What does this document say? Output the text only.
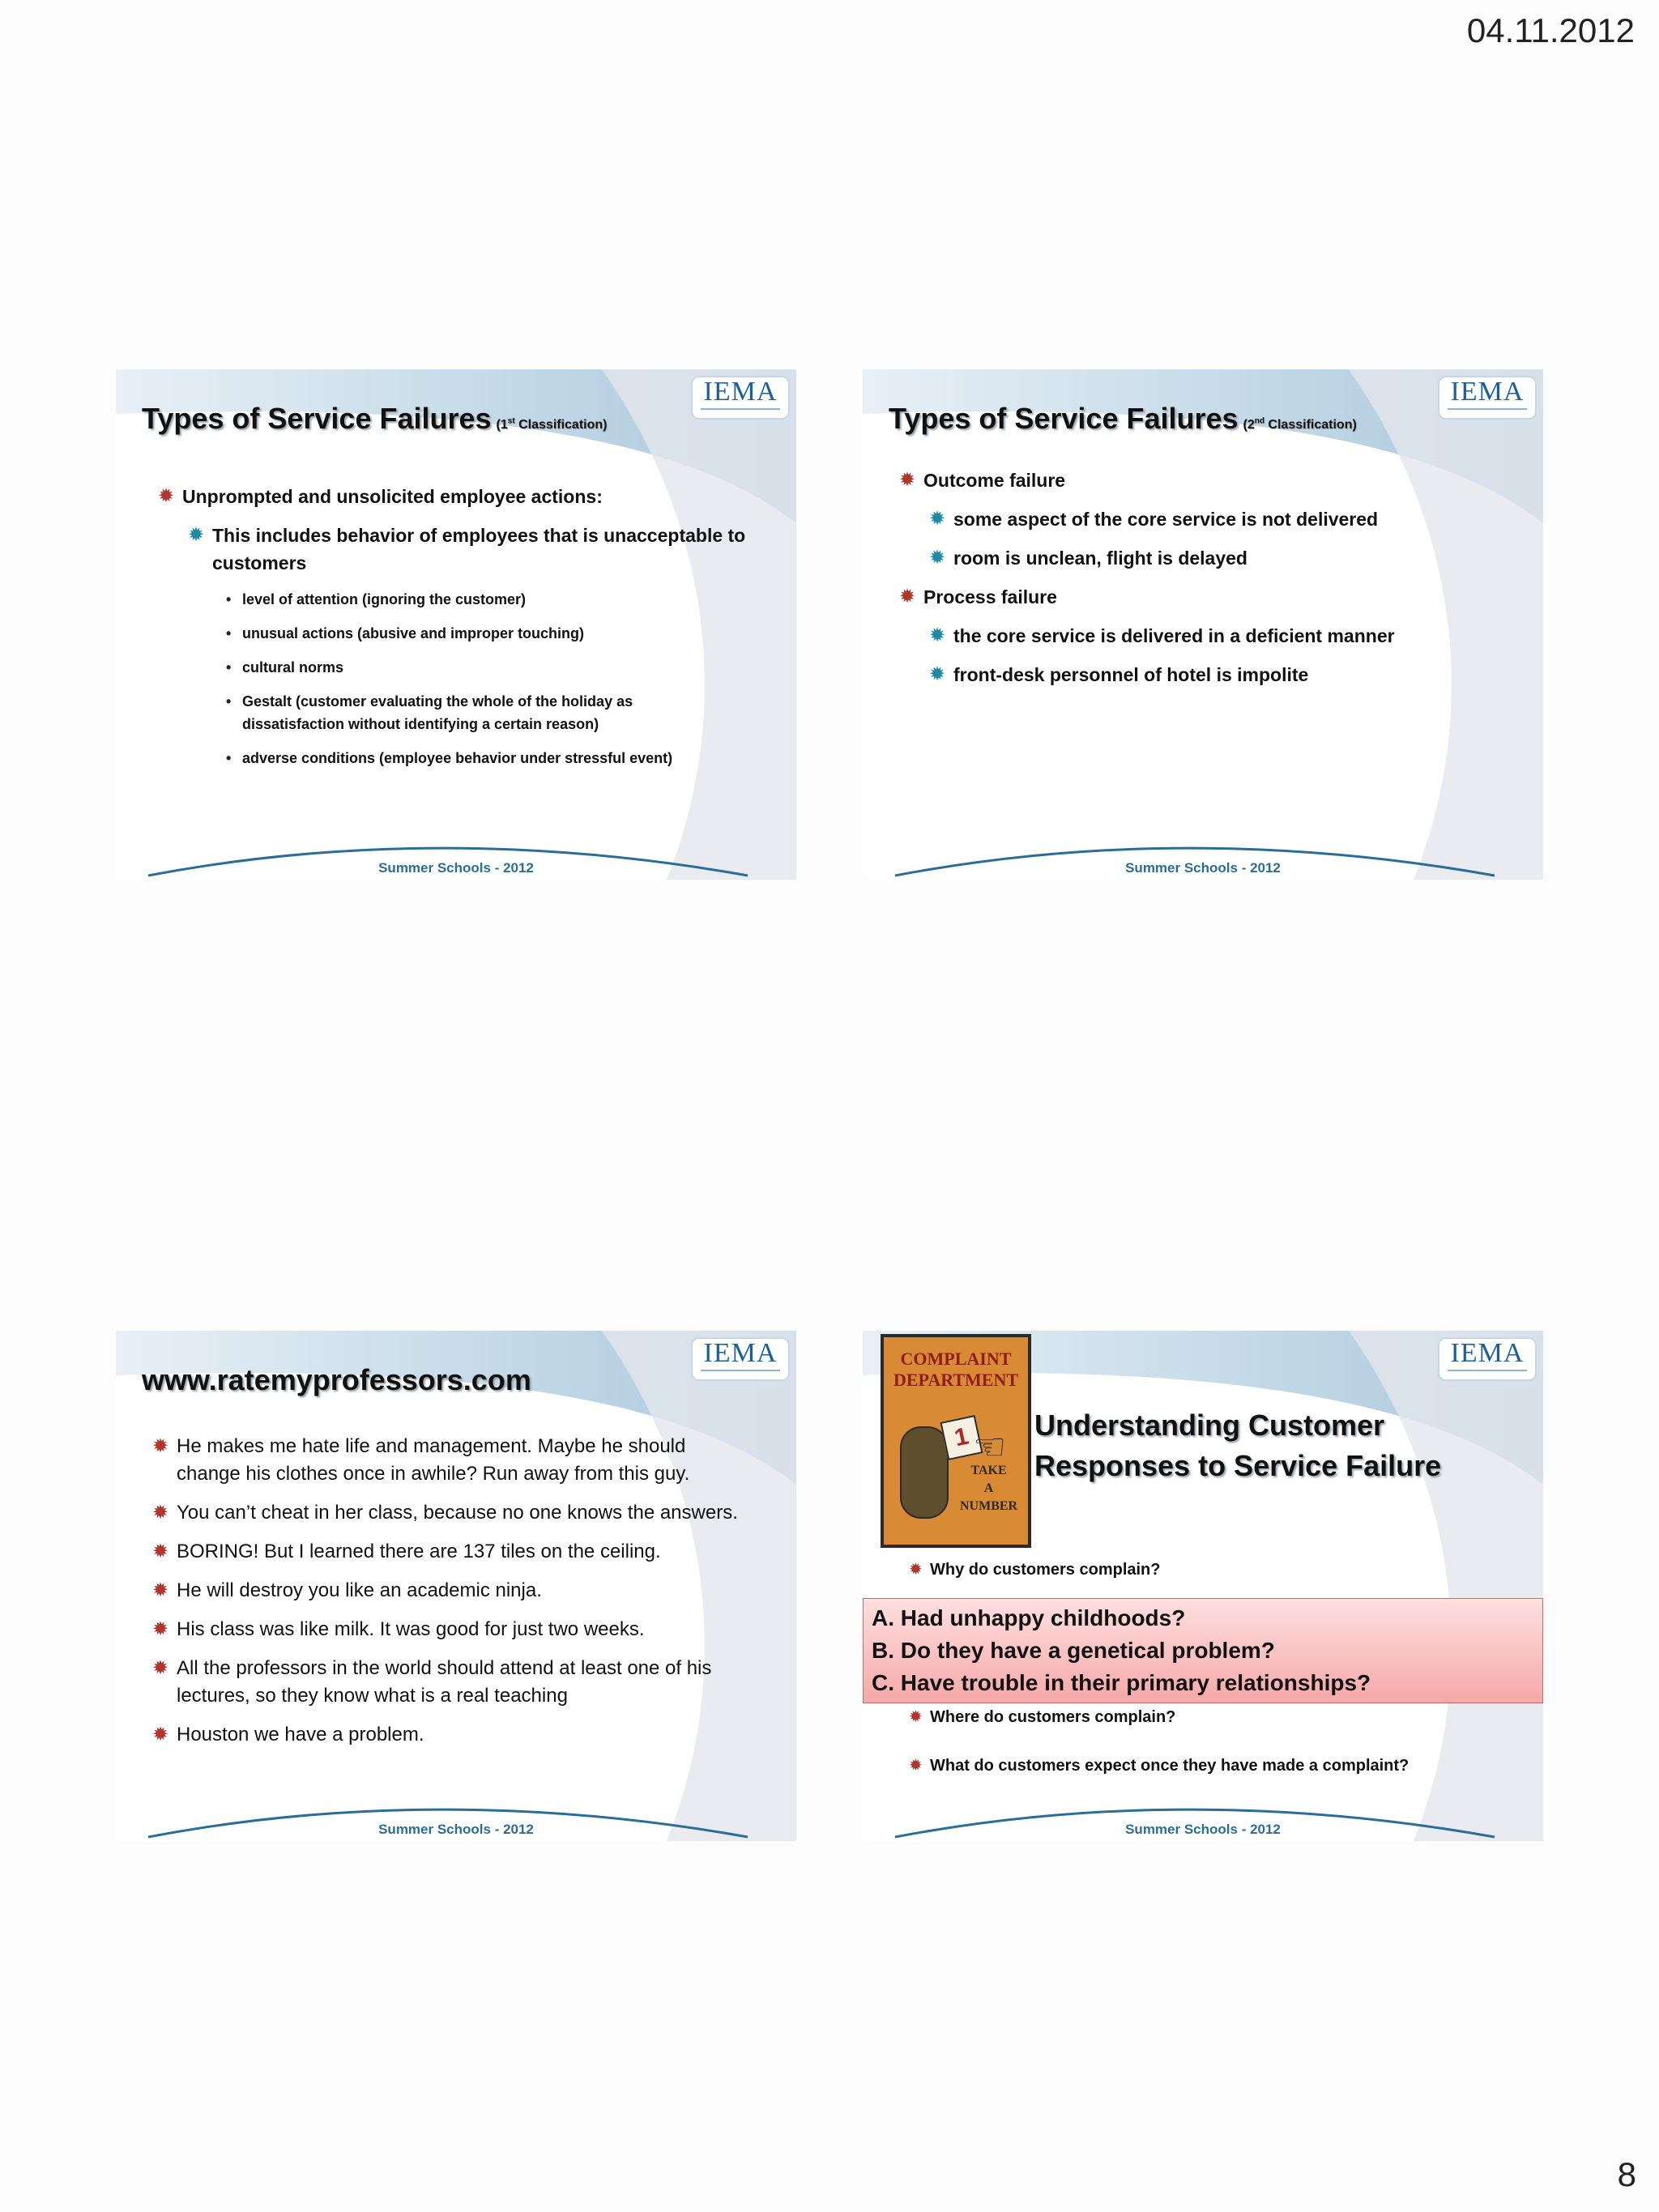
04.11.2012
IEMA
Types of Service Failures (1st Classification)
✹ Unprompted and unsolicited employee actions:
✹ This includes behavior of employees that is unacceptable to customers
• level of attention (ignoring the customer)
• unusual actions (abusive and improper touching)
• cultural norms
• Gestalt (customer evaluating the whole of the holiday as dissatisfaction without identifying a certain reason)
• adverse conditions (employee behavior under stressful event)
Summer Schools - 2012
IEMA
Types of Service Failures (2nd Classification)
✹ Outcome failure
✹ some aspect of the core service is not delivered
✹ room is unclean, flight is delayed
✹ Process failure
✹ the core service is delivered in a deficient manner
✹ front-desk personnel of hotel is impolite
Summer Schools - 2012
IEMA
www.ratemyprofessors.com
✹ He makes me hate life and management. Maybe he should change his clothes once in awhile? Run away from this guy.
✹ You can’t cheat in her class, because no one knows the answers.
✹ BORING! But I learned there are 137 tiles on the ceiling.
✹ He will destroy you like an academic ninja.
✹ His class was like milk. It was good for just two weeks.
✹ All the professors in the world should attend at least one of his lectures, so they know what is a real teaching
✹ Houston we have a problem.
Summer Schools - 2012
IEMA
COMPLAINT
DEPARTMENT
1 ☜
TAKE
A
NUMBER
Understanding Customer
Responses to Service Failure
✹ Why do customers complain?
A. Had unhappy childhoods?
B. Do they have a genetical problem?
C. Have trouble in their primary relationships?
✹ Where do customers complain?
✹ What do customers expect once they have made a complaint?
Summer Schools - 2012
8
